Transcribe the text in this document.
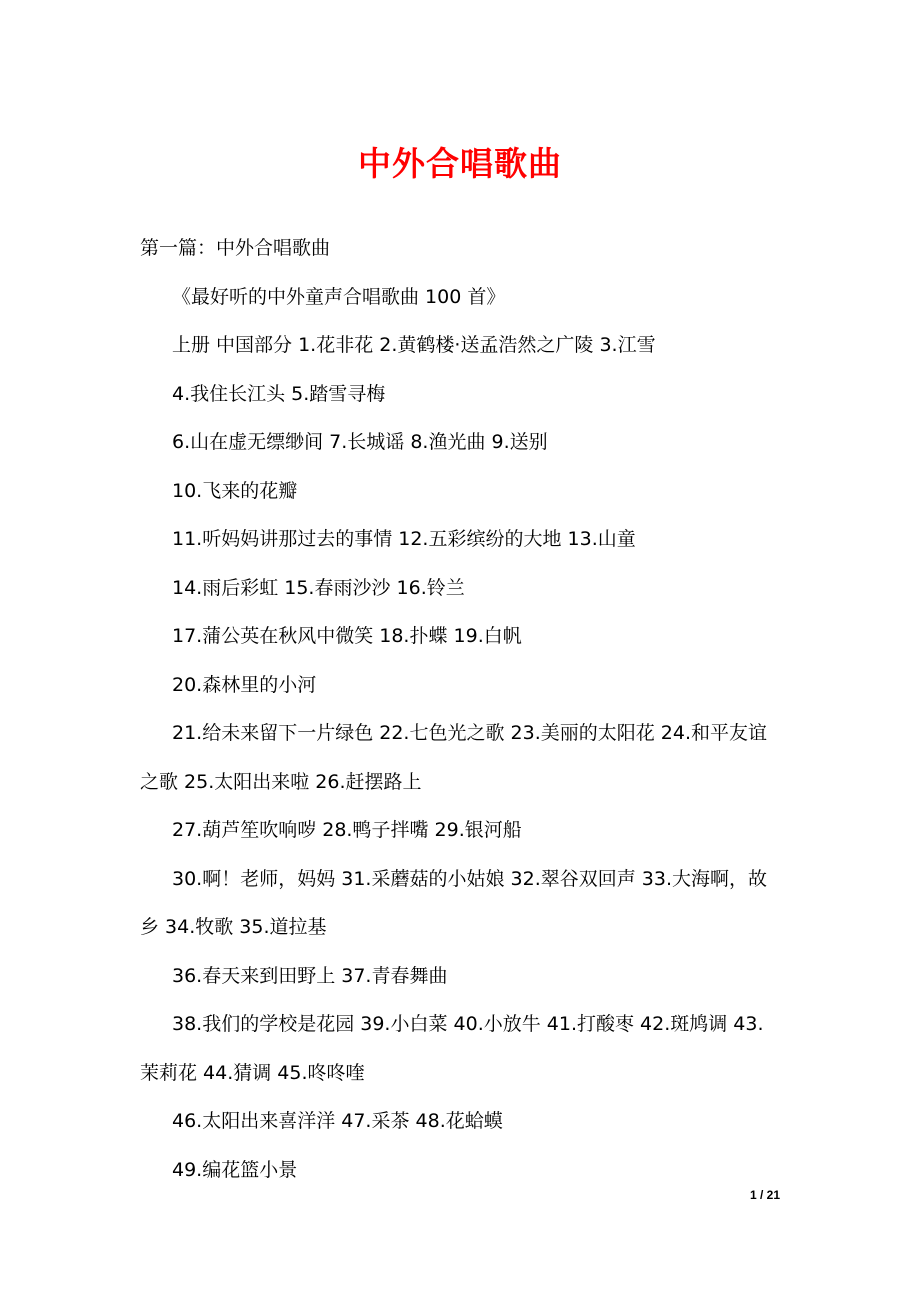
中外合唱歌曲

第一篇：中外合唱歌曲

《最好听的中外童声合唱歌曲 100 首》

上册 中国部分 1.花非花 2.黄鹤楼·送孟浩然之广陵 3.江雪

4.我住长江头 5.踏雪寻梅

6.山在虚无缥缈间 7.长城谣 8.渔光曲 9.送别

10.飞来的花瓣

11.听妈妈讲那过去的事情 12.五彩缤纷的大地 13.山童

14.雨后彩虹 15.春雨沙沙 16.铃兰

17.蒲公英在秋风中微笑 18.扑蝶 19.白帆

20.森林里的小河

21.给未来留下一片绿色 22.七色光之歌 23.美丽的太阳花 24.和平友谊之歌 25.太阳出来啦 26.赶摆路上

27.葫芦笙吹响哕 28.鸭子拌嘴 29.银河船

30.啊！老师，妈妈 31.采蘑菇的小姑娘 32.翠谷双回声 33.大海啊，故乡 34.牧歌 35.道拉基

36.春天来到田野上 37.青春舞曲

38.我们的学校是花园 39.小白菜 40.小放牛 41.打酸枣 42.斑鸠调 43.茉莉花 44.猜调 45.咚咚喹

46.太阳出来喜洋洋 47.采茶 48.花蛤蟆

49.编花篮小景

1 / 21
